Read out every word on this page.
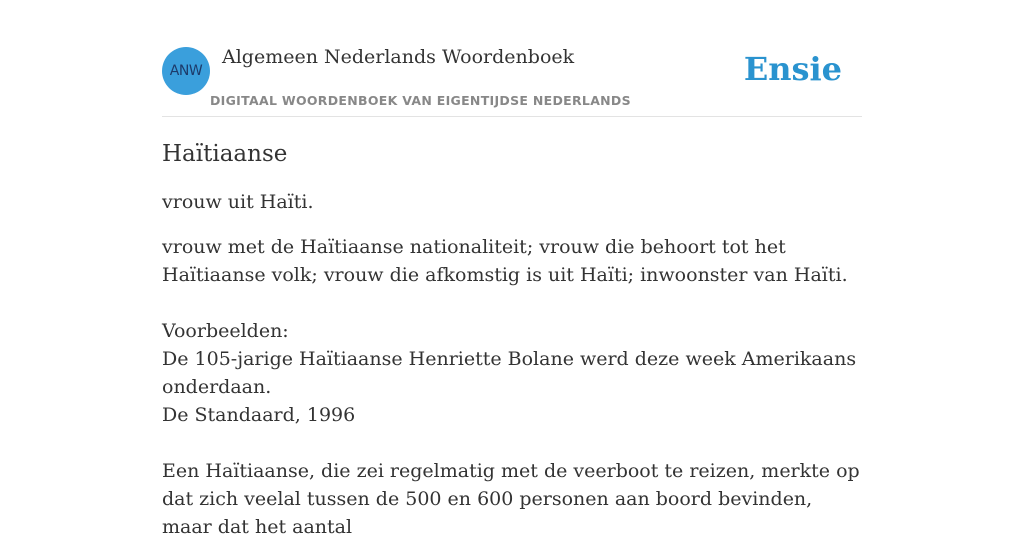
ANW
Algemeen Nederlands Woordenboek
DIGITAAL WOORDENBOEK VAN EIGENTIJDSE NEDERLANDS
Ensie
Haïtiaanse

vrouw uit Haïti.

vrouw met de Haïtiaanse nationaliteit; vrouw die behoort tot het Haïtiaanse volk; vrouw die afkomstig is uit Haïti; inwoonster van Haïti.
Voorbeelden:
De 105-jarige Haïtiaanse Henriette Bolane werd deze week Amerikaans onderdaan.
De Standaard, 1996
Een Haïtiaanse, die zei regelmatig met de veerboot te reizen, merkte op dat zich veelal tussen de 500 en 600 personen aan boord bevinden, maar dat het aantal
